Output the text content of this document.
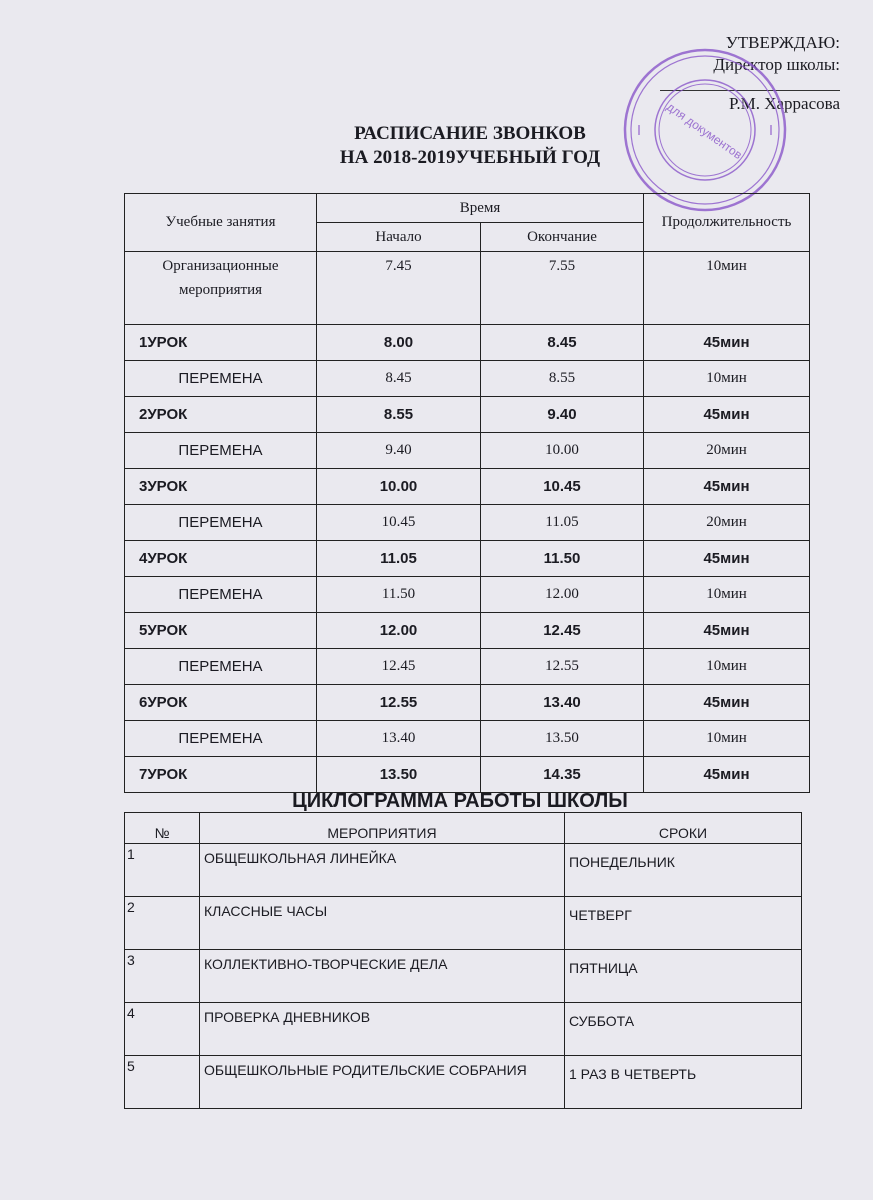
УТВЕРЖДАЮ:
Директор школы:
Р.М. Харрасова
для документов
РАСПИСАНИЕ ЗВОНКОВ
НА 2018-2019УЧЕБНЫЙ ГОД
Учебные занятия	Время		Продолжительность
	Начало	Окончание	
Организационные мероприятия	7.45	7.55	10мин
1УРОК	8.00	8.45	45мин
ПЕРЕМЕНА	8.45	8.55	10мин
2УРОК	8.55	9.40	45мин
ПЕРЕМЕНА	9.40	10.00	20мин
3УРОК	10.00	10.45	45мин
ПЕРЕМЕНА	10.45	11.05	20мин
4УРОК	11.05	11.50	45мин
ПЕРЕМЕНА	11.50	12.00	10мин
5УРОК	12.00	12.45	45мин
ПЕРЕМЕНА	12.45	12.55	10мин
6УРОК	12.55	13.40	45мин
ПЕРЕМЕНА	13.40	13.50	10мин
7УРОК	13.50	14.35	45мин
ЦИКЛОГРАММА РАБОТЫ ШКОЛЫ
№	МЕРОПРИЯТИЯ	СРОКИ
1	ОБЩЕШКОЛЬНАЯ ЛИНЕЙКА	ПОНЕДЕЛЬНИК
2	КЛАССНЫЕ ЧАСЫ	ЧЕТВЕРГ
3	КОЛЛЕКТИВНО-ТВОРЧЕСКИЕ ДЕЛА	ПЯТНИЦА
4	ПРОВЕРКА ДНЕВНИКОВ	СУББОТА
5	ОБЩЕШКОЛЬНЫЕ РОДИТЕЛЬСКИЕ СОБРАНИЯ	1 РАЗ В ЧЕТВЕРТЬ
